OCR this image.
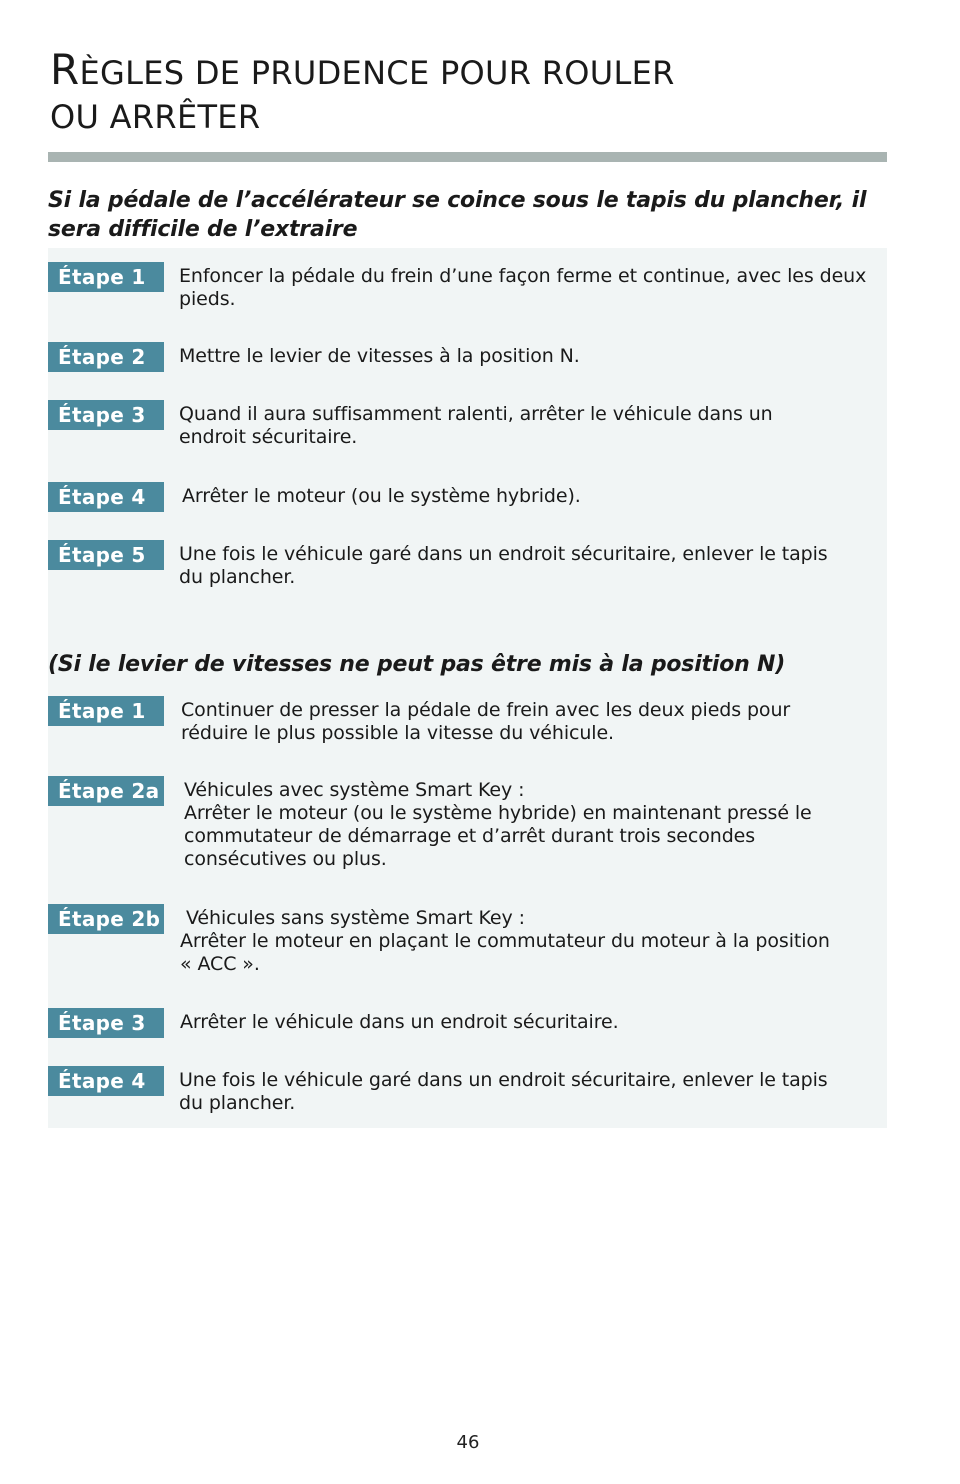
RÈGLES DE PRUDENCE POUR ROULER
OU ARRÊTER
Si la pédale de l’accélérateur se coince sous le tapis du plancher, il sera difficile de l’extraire
Étape 1	Enfoncer la pédale du frein d’une façon ferme et continue, avec les deux pieds.

Étape 2	Mettre le levier de vitesses à la position N.

Étape 3	Quand il aura suffisamment ralenti, arrêter le véhicule dans un
endroit sécuritaire.

Étape 4	Arrêter le moteur (ou le système hybride).

Étape 5	Une fois le véhicule garé dans un endroit sécuritaire, enlever le tapis
du plancher.

(Si le levier de vitesses ne peut pas être mis à la position N)
Étape 1	Continuer de presser la pédale de frein avec les deux pieds pour
réduire le plus possible la vitesse du véhicule.

Étape 2a Véhicules avec système Smart Key :
Arrêter le moteur (ou le système hybride) en maintenant pressé le
commutateur de démarrage et d’arrêt durant trois secondes
consécutives ou plus.

Étape 2b	Véhicules sans système Smart Key :
Arrêter le moteur en plaçant le commutateur du moteur à la position
« ACC ».

Étape 3	Arrêter le véhicule dans un endroit sécuritaire.

Étape 4	Une fois le véhicule garé dans un endroit sécuritaire, enlever le tapis
du plancher.

46
